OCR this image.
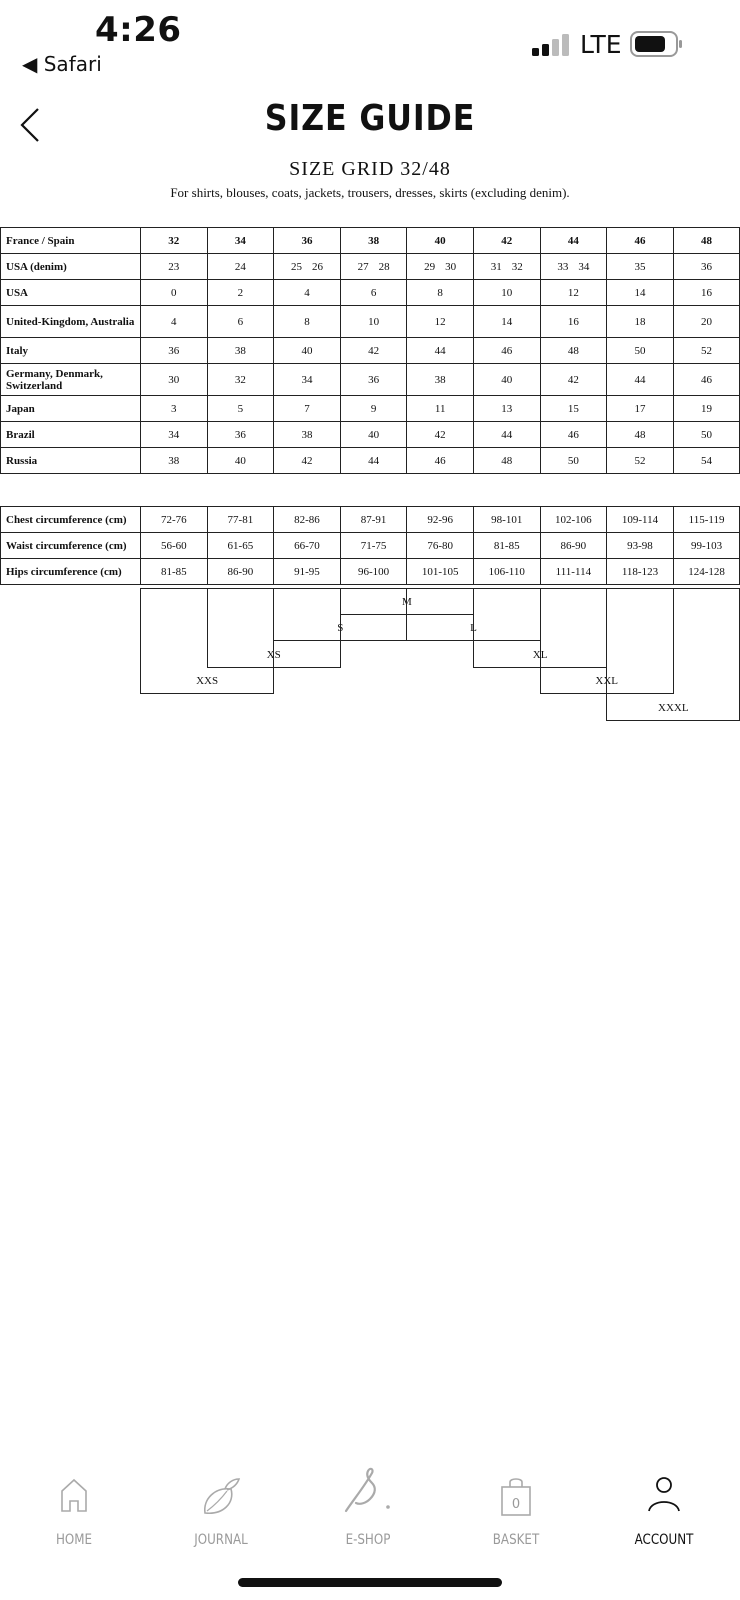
4:26
◀ Safari
LTE
SIZE GUIDE
SIZE GRID 32/48
For shirts, blouses, coats, jackets, trousers, dresses, skirts (excluding denim).
France / Spain	32	34	36	38	40	42	44	46	48
USA (denim)	23	24	25 26	27 28	29 30	31 32	33 34	35	36
USA	0	2	4	6	8	10	12	14	16
United-Kingdom, Australia	4	6	8	10	12	14	16	18	20
Italy	36	38	40	42	44	46	48	50	52
Germany, Denmark, Switzerland	30	32	34	36	38	40	42	44	46
Japan	3	5	7	9	11	13	15	17	19
Brazil	34	36	38	40	42	44	46	48	50
Russia	38	40	42	44	46	48	50	52	54
Chest circumference (cm)	72-76	77-81	82-86	87-91	92-96	98-101	102-106	109-114	115-119
Waist circumference (cm)	56-60	61-65	66-70	71-75	76-80	81-85	86-90	93-98	99-103
Hips circumference (cm)	81-85	86-90	91-95	96-100	101-105	106-110	111-114	118-123	124-128
M
S	L
XS	XL
XXS	XXL
XXXL
HOME	JOURNAL	E-SHOP
0
BASKET	ACCOUNT
